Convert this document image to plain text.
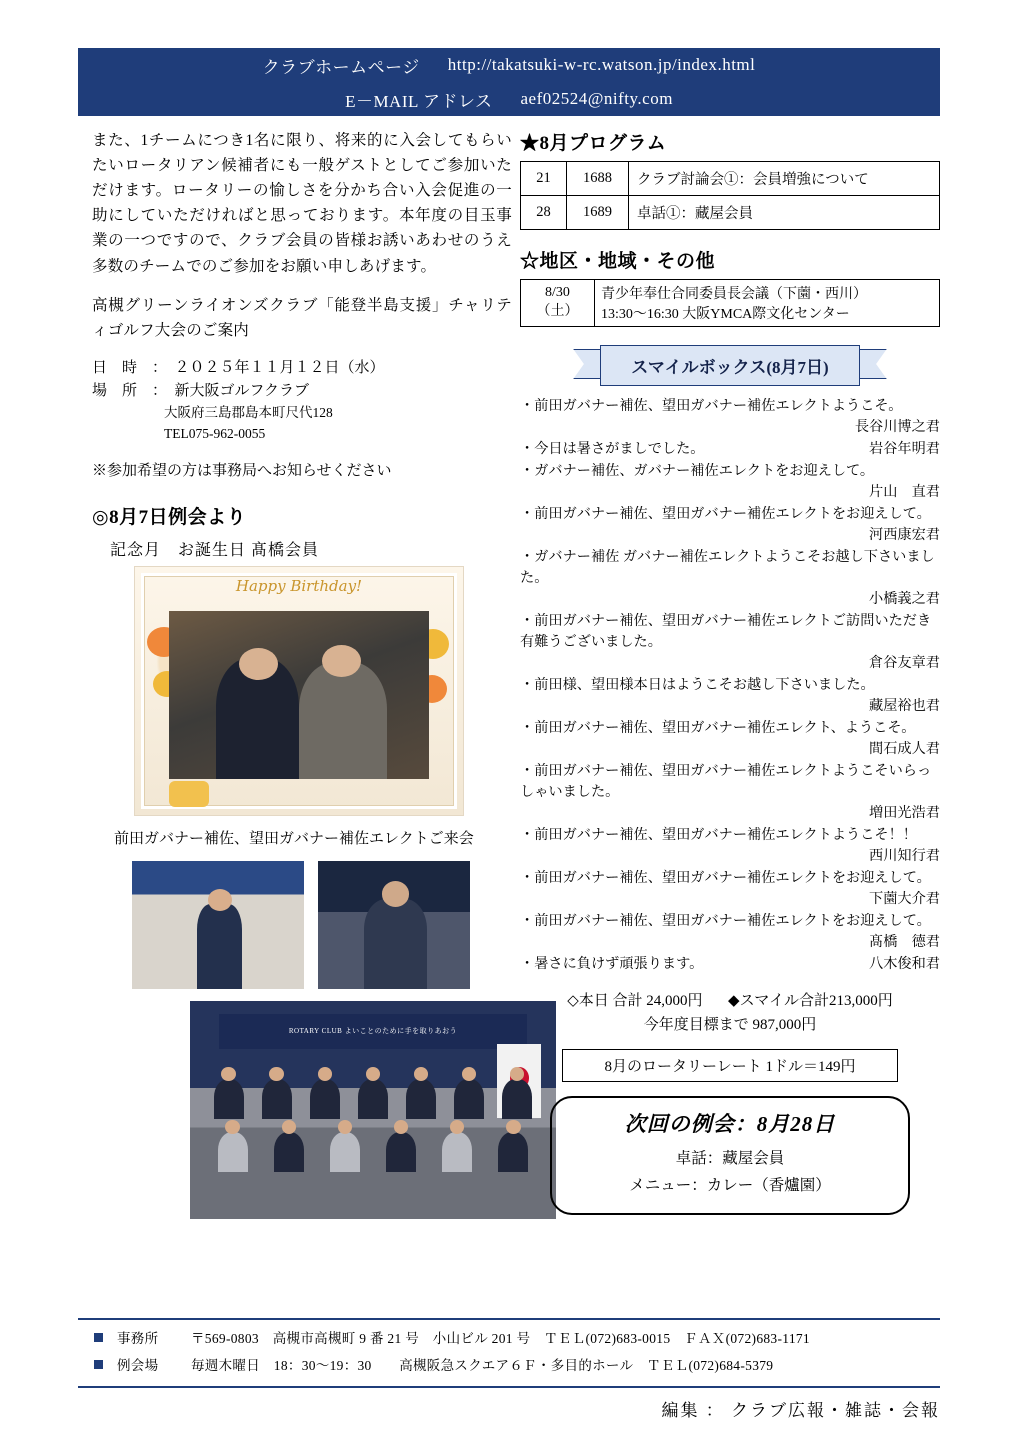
クラブホームページ http://takatsuki-w-rc.watson.jp/index.html
E－MAIL アドレス aef02524@nifty.com

また、1チームにつき1名に限り、将来的に入会してもらいたいロータリアン候補者にも一般ゲストとしてご参加いただけます。ロータリーの愉しさを分かち合い入会促進の一助にしていただければと思っております。本年度の目玉事業の一つですので、クラブ会員の皆様お誘いあわせのうえ多数のチームでのご参加をお願い申しあげます。

高槻グリーンライオンズクラブ「能登半島支援」チャリティゴルフ大会のご案内

日　時　：　２０２５年１１月１２日（水）

場　所　：　新大阪ゴルフクラブ

大阪府三島郡島本町尺代128

TEL075-962-0055

※参加希望の方は事務局へお知らせください

◎8月7日例会より
記念月　お誕生日 髙橋会員
Happy Birthday!
前田ガバナー補佐、望田ガバナー補佐エレクトご来会
ROTARY CLUB よいことのために手を取りあおう
★8月プログラム
21	1688	クラブ討論会①：会員増強について
28	1689	卓話①：藏屋会員
☆地区・地域・その他
8/30
（土）

青少年奉仕合同委員長会議（下薗・西川）
13:30～16:30 大阪YMCA際文化センター
スマイルボックス(8月7日)
・前田ガバナー補佐、望田ガバナー補佐エレクトようこそ。
長谷川博之君
・今日は暑さがましでした。	岩谷年明君
・ガバナー補佐、ガバナー補佐エレクトをお迎えして。
片山　直君
・前田ガバナー補佐、望田ガバナー補佐エレクトをお迎えして。
河西康宏君
・ガバナー補佐 ガバナー補佐エレクトようこそお越し下さいました。
小橋義之君
・前田ガバナー補佐、望田ガバナー補佐エレクトご訪問いただき有難うございました。
倉谷友章君
・前田様、望田様本日はようこそお越し下さいました。
藏屋裕也君
・前田ガバナー補佐、望田ガバナー補佐エレクト、ようこそ。
間石成人君
・前田ガバナー補佐、望田ガバナー補佐エレクトようこそいらっしゃいました。
増田光浩君
・前田ガバナー補佐、望田ガバナー補佐エレクトようこそ！！
西川知行君
・前田ガバナー補佐、望田ガバナー補佐エレクトをお迎えして。
下薗大介君
・前田ガバナー補佐、望田ガバナー補佐エレクトをお迎えして。
髙橋　德君
・暑さに負けず頑張ります。	八木俊和君
◇本日 合計 24,000円 ◆スマイル合計213,000円
今年度目標まで 987,000円
8月のロータリーレート 1ドル＝149円
次回の例会：8月28日
卓話：藏屋会員
メニュー：カレー（香爐園）
事務所	〒569-0803　高槻市高槻町 9 番 21 号　小山ビル 201 号　ＴＥＬ(072)683-0015　ＦＡＸ(072)683-1171
例会場	毎週木曜日　18：30～19：30　　高槻阪急スクエア６Ｆ・多目的ホール　ＴＥＬ(072)684-5379
編集 ： クラブ広報・雑誌・会報
